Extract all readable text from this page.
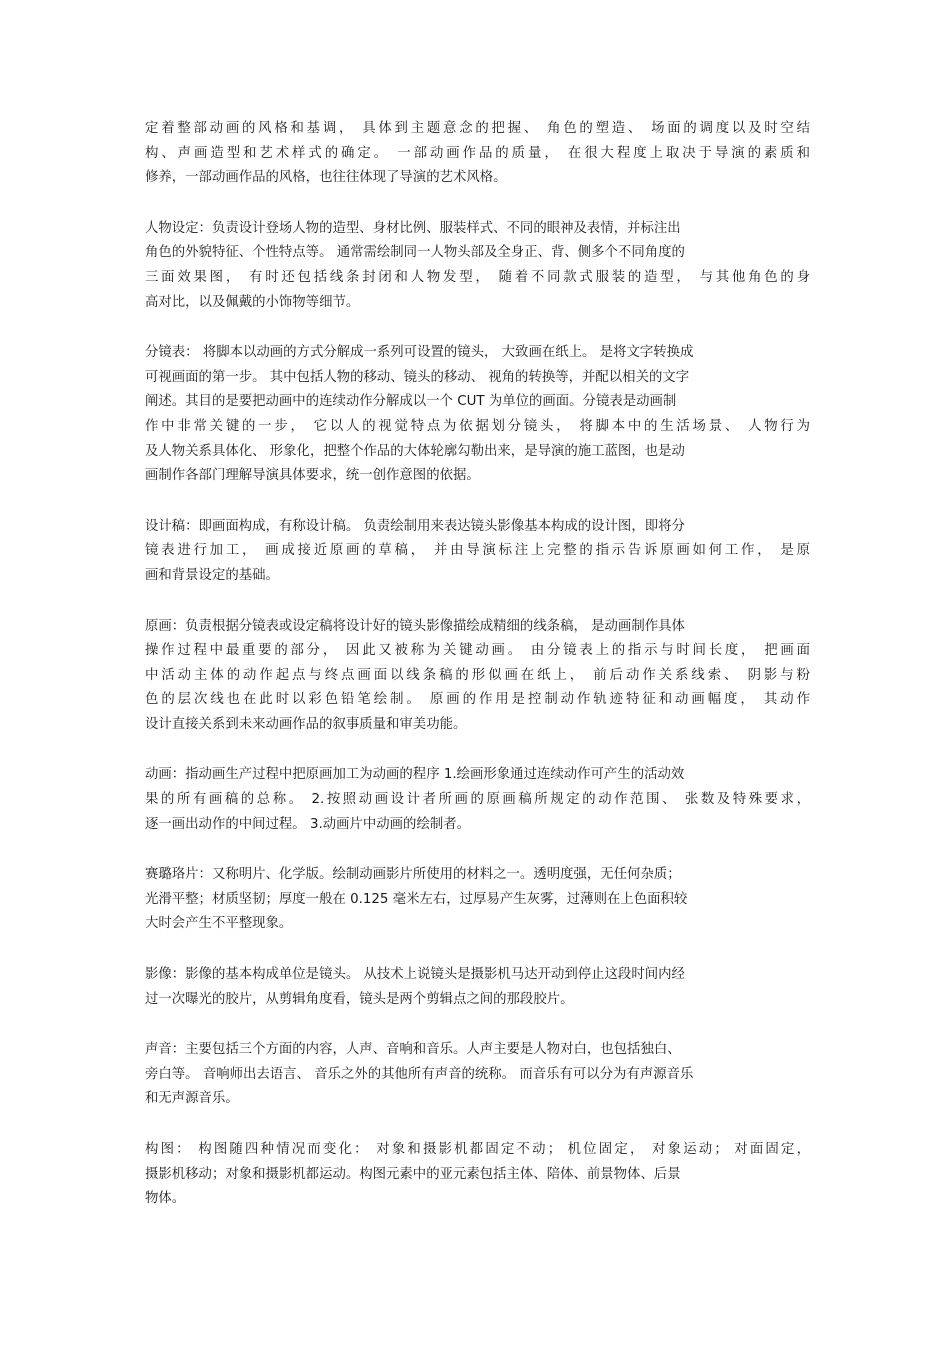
定着整部动画的风格和基调， 具体到主题意念的把握、 角色的塑造、 场面的调度以及时空结
构、声画造型和艺术样式的确定。 一部动画作品的质量， 在很大程度上取决于导演的素质和
修养，一部动画作品的风格，也往往体现了导演的艺术风格。
人物设定：负责设计登场人物的造型、身材比例、服装样式、不同的眼神及表情，并标注出
角色的外貌特征、个性特点等。 通常需绘制同一人物头部及全身正、背、侧多个不同角度的
三面效果图， 有时还包括线条封闭和人物发型， 随着不同款式服装的造型， 与其他角色的身
高对比，以及佩戴的小饰物等细节。
分镜表： 将脚本以动画的方式分解成一系列可设置的镜头， 大致画在纸上。 是将文字转换成
可视画面的第一步。 其中包括人物的移动、镜头的移动、 视角的转换等，并配以相关的文字
阐述。其目的是要把动画中的连续动作分解成以一个 CUT 为单位的画面。分镜表是动画制
作中非常关键的一步， 它以人的视觉特点为依据划分镜头， 将脚本中的生活场景、 人物行为
及人物关系具体化、 形象化，把整个作品的大体轮廓勾勒出来，是导演的施工蓝图，也是动
画制作各部门理解导演具体要求，统一创作意图的依据。
设计稿：即画面构成，有称设计稿。 负责绘制用来表达镜头影像基本构成的设计图，即将分
镜表进行加工， 画成接近原画的草稿， 并由导演标注上完整的指示告诉原画如何工作， 是原
画和背景设定的基础。
原画：负责根据分镜表或设定稿将设计好的镜头影像描绘成精细的线条稿， 是动画制作具体
操作过程中最重要的部分， 因此又被称为关键动画。 由分镜表上的指示与时间长度， 把画面
中活动主体的动作起点与终点画面以线条稿的形似画在纸上， 前后动作关系线索、 阴影与粉
色的层次线也在此时以彩色铅笔绘制。 原画的作用是控制动作轨迹特征和动画幅度， 其动作
设计直接关系到未来动画作品的叙事质量和审美功能。
动画：指动画生产过程中把原画加工为动画的程序 1.绘画形象通过连续动作可产生的活动效
果的所有画稿的总称。 2.按照动画设计者所画的原画稿所规定的动作范围、 张数及特殊要求，
逐一画出动作的中间过程。 3.动画片中动画的绘制者。
赛璐珞片：又称明片、化学版。绘制动画影片所使用的材料之一。透明度强，无任何杂质；
光滑平整；材质坚韧；厚度一般在 0.125 毫米左右，过厚易产生灰雾，过薄则在上色面积较
大时会产生不平整现象。
影像：影像的基本构成单位是镜头。 从技术上说镜头是摄影机马达开动到停止这段时间内经
过一次曝光的胶片，从剪辑角度看，镜头是两个剪辑点之间的那段胶片。
声音：主要包括三个方面的内容，人声、音响和音乐。人声主要是人物对白，也包括独白、
旁白等。 音响师出去语言、 音乐之外的其他所有声音的统称。 而音乐有可以分为有声源音乐
和无声源音乐。
构图： 构图随四种情况而变化： 对象和摄影机都固定不动； 机位固定， 对象运动； 对面固定，
摄影机移动；对象和摄影机都运动。构图元素中的亚元素包括主体、陪体、前景物体、后景
物体。
